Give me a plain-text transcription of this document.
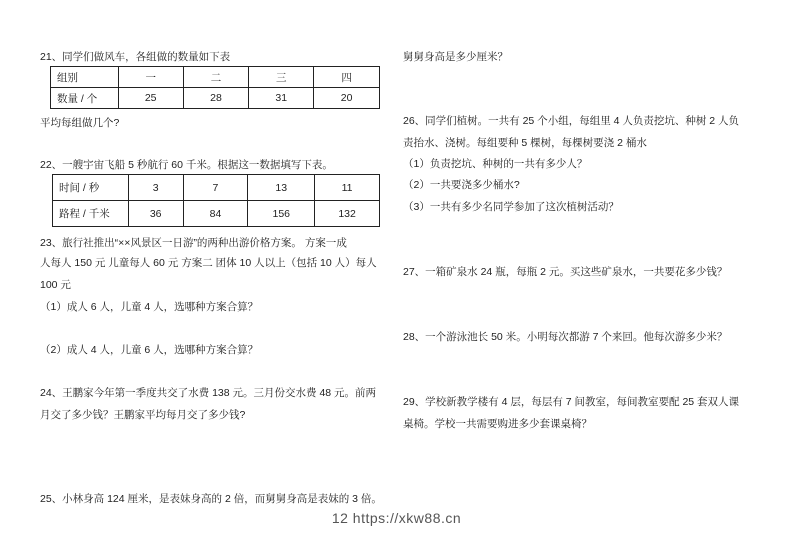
21、同学们做风车，各组做的数量如下表
组别	一	二	三	四
数量 / 个	25	28	31	20
平均每组做几个?
22、一艘宇宙飞船 5 秒航行 60 千米。根据这一数据填写下表。
时间 / 秒	3	7	13	11
路程 / 千米	36	84	156	132
23、旅行社推出“××风景区一日游”的两种出游价格方案。 方案一成
人每人 150 元 儿童每人 60 元 方案二 团体 10 人以上（包括 10 人）每人
100 元
（1）成人 6 人，儿童 4 人，选哪种方案合算？
（2）成人 4 人，儿童 6 人，选哪种方案合算？
24、王鹏家今年第一季度共交了水费 138 元。三月份交水费 48 元。前两
月交了多少钱？王鹏家平均每月交了多少钱?
25、小林身高 124 厘米，是表妹身高的 2 倍，而舅舅身高是表妹的 3 倍。
舅舅身高是多少厘米？
26、同学们植树。一共有 25 个小组，每组里 4 人负责挖坑、种树 2 人负
责抬水、浇树。每组要种 5 棵树，每棵树要浇 2 桶水
（1）负责挖坑、种树的一共有多少人？
（2）一共要浇多少桶水?
（3）一共有多少名同学参加了这次植树活动？
27、一箱矿泉水 24 瓶，每瓶 2 元。买这些矿泉水，一共要花多少钱？
28、一个游泳池长 50 米。小明每次都游 7 个来回。他每次游多少米？
29、学校新教学楼有 4 层，每层有 7 间教室，每间教室要配 25 套双人课
桌椅。学校一共需要购进多少套课桌椅？
12 https://xkw88.cn
